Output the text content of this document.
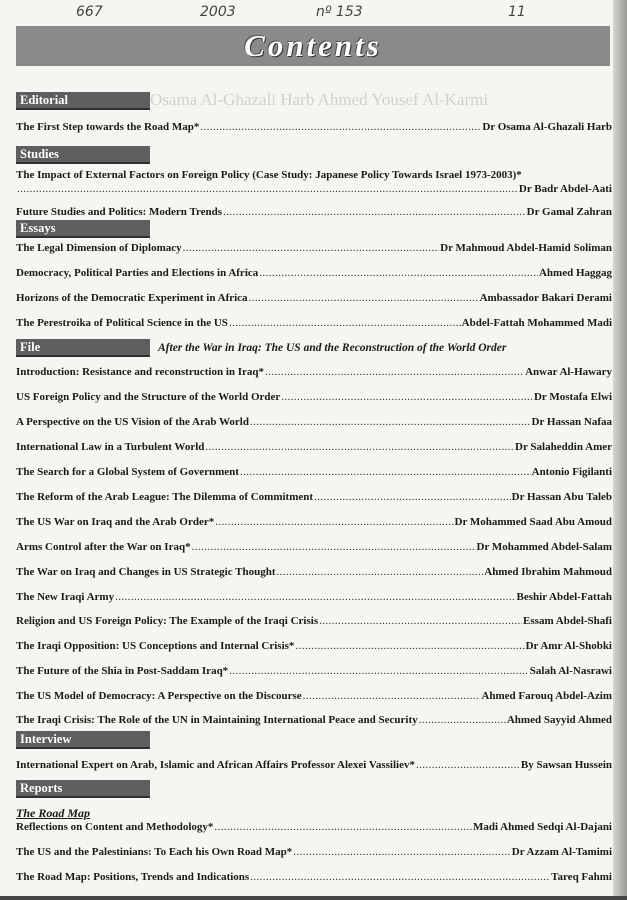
667	2003	nº 153	11
Contents
Osama Al-Ghazali Harb Ahmed Yousef Al-Karmi
Editorial
The First Step towards the Road Map* .....	Dr Osama Al-Ghazali Harb
Studies
The Impact of External Factors on Foreign Policy (Case Study: Japanese Policy Towards Israel 1973-2003)*
.....
Dr Badr Abdel-Aati
Future Studies and Politics: Modern Trends .....	Dr Gamal Zahran
Essays
The Legal Dimension of Diplomacy .....	Dr Mahmoud Abdel-Hamid Soliman
Democracy, Political Parties and Elections in Africa .....	Ahmed Haggag
Horizons of the Democratic Experiment in Africa .....	Ambassador Bakari Derami
The Perestroika of Political Science in the US .....	Abdel-Fattah Mohammed Madi
File	After the War in Iraq: The US and the Reconstruction of the World Order
Introduction: Resistance and reconstruction in Iraq* .....	Anwar Al-Hawary
US Foreign Policy and the Structure of the World Order .....	Dr Mostafa Elwi
A Perspective on the US Vision of the Arab World .....	Dr Hassan Nafaa
International Law in a Turbulent World .....	Dr Salaheddin Amer
The Search for a Global System of Government .....	Antonio Figilanti
The Reform of the Arab League: The Dilemma of Commitment .....	Dr Hassan Abu Taleb
The US War on Iraq and the Arab Order* .....	Dr Mohammed Saad Abu Amoud
Arms Control after the War on Iraq* .....	Dr Mohammed Abdel-Salam
The War on Iraq and Changes in US Strategic Thought .....	Ahmed Ibrahim Mahmoud
The New Iraqi Army .....	Beshir Abdel-Fattah
Religion and US Foreign Policy: The Example of the Iraqi Crisis .....	Essam Abdel-Shafi
The Iraqi Opposition: US Conceptions and Internal Crisis* .....	Dr Amr Al-Shobki
The Future of the Shia in Post-Saddam Iraq* .....	Salah Al-Nasrawi
The US Model of Democracy: A Perspective on the Discourse .....	Ahmed Farouq Abdel-Azim
The Iraqi Crisis: The Role of the UN in Maintaining International Peace and Security .....	Ahmed Sayyid Ahmed
Interview
International Expert on Arab, Islamic and African Affairs Professor Alexei Vassiliev* .....	By Sawsan Hussein
Reports
The Road Map
Reflections on Content and Methodology* .....	Madi Ahmed Sedqi Al-Dajani
The US and the Palestinians: To Each his Own Road Map* .....	Dr Azzam Al-Tamimi
The Road Map: Positions, Trends and Indications .....	Tareq Fahmi
